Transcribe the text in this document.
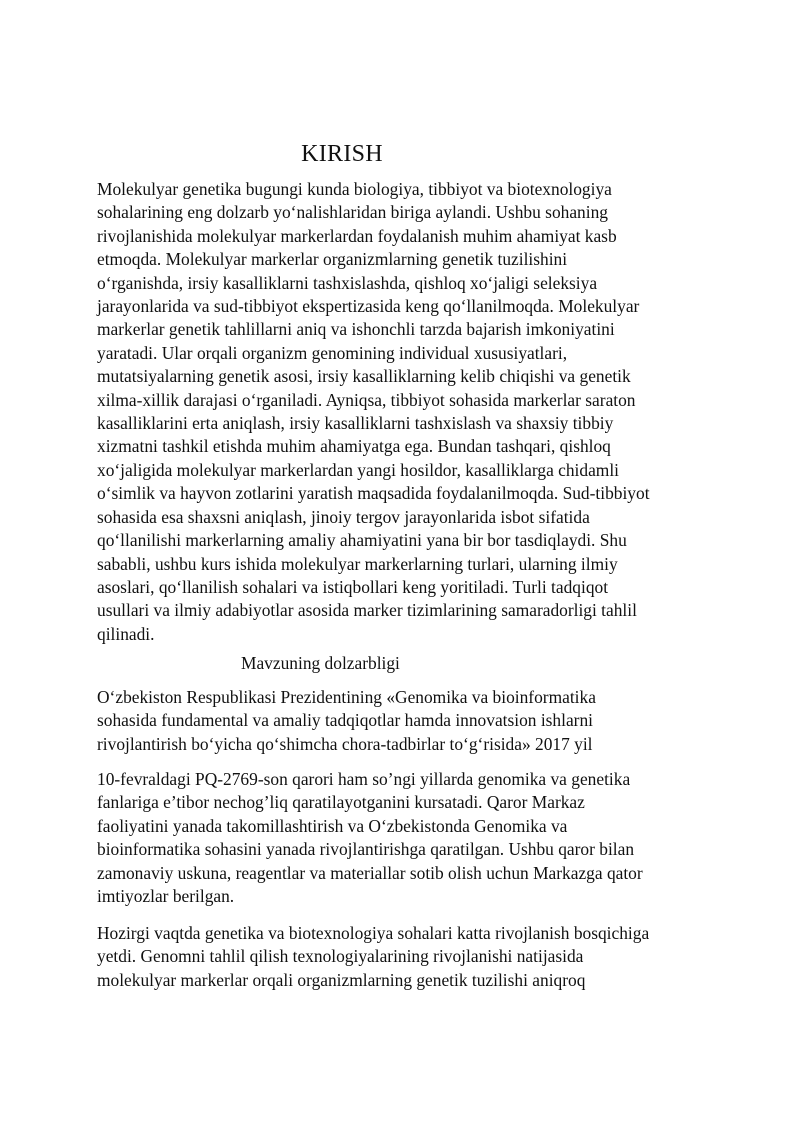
KIRISH

Molekulyar genetika bugungi kunda biologiya, tibbiyot va biotexnologiya
sohalarining eng dolzarb yo‘nalishlaridan biriga aylandi. Ushbu sohaning
rivojlanishida molekulyar markerlardan foydalanish muhim ahamiyat kasb
etmoqda. Molekulyar markerlar organizmlarning genetik tuzilishini
o‘rganishda, irsiy kasalliklarni tashxislashda, qishloq xo‘jaligi seleksiya
jarayonlarida va sud-tibbiyot ekspertizasida keng qo‘llanilmoqda. Molekulyar
markerlar genetik tahlillarni aniq va ishonchli tarzda bajarish imkoniyatini
yaratadi. Ular orqali organizm genomining individual xususiyatlari,
mutatsiyalarning genetik asosi, irsiy kasalliklarning kelib chiqishi va genetik
xilma-xillik darajasi o‘rganiladi. Ayniqsa, tibbiyot sohasida markerlar saraton
kasalliklarini erta aniqlash, irsiy kasalliklarni tashxislash va shaxsiy tibbiy
xizmatni tashkil etishda muhim ahamiyatga ega. Bundan tashqari, qishloq
xo‘jaligida molekulyar markerlardan yangi hosildor, kasalliklarga chidamli
o‘simlik va hayvon zotlarini yaratish maqsadida foydalanilmoqda. Sud-tibbiyot
sohasida esa shaxsni aniqlash, jinoiy tergov jarayonlarida isbot sifatida
qo‘llanilishi markerlarning amaliy ahamiyatini yana bir bor tasdiqlaydi. Shu
sababli, ushbu kurs ishida molekulyar markerlarning turlari, ularning ilmiy
asoslari, qo‘llanilish sohalari va istiqbollari keng yoritiladi. Turli tadqiqot
usullari va ilmiy adabiyotlar asosida marker tizimlarining samaradorligi tahlil
qilinadi.

Mavzuning dolzarbligi

O‘zbekiston Respublikasi Prezidentining «Genomika va bioinformatika
sohasida fundamental va amaliy tadqiqotlar hamda innovatsion ishlarni
rivojlantirish bo‘yicha qo‘shimcha chora-tadbirlar to‘g‘risida» 2017 yil

10-fevraldagi PQ-2769-son qarori ham so’ngi yillarda genomika va genetika
fanlariga e’tibor nechog’liq qaratilayotganini kursatadi. Qaror Markaz
faoliyatini yanada takomillashtirish va O‘zbekistonda Genomika va
bioinformatika sohasini yanada rivojlantirishga qaratilgan. Ushbu qaror bilan
zamonaviy uskuna, reagentlar va materiallar sotib olish uchun Markazga qator
imtiyozlar berilgan.

Hozirgi vaqtda genetika va biotexnologiya sohalari katta rivojlanish bosqichiga
yetdi. Genomni tahlil qilish texnologiyalarining rivojlanishi natijasida
molekulyar markerlar orqali organizmlarning genetik tuzilishi aniqroq
